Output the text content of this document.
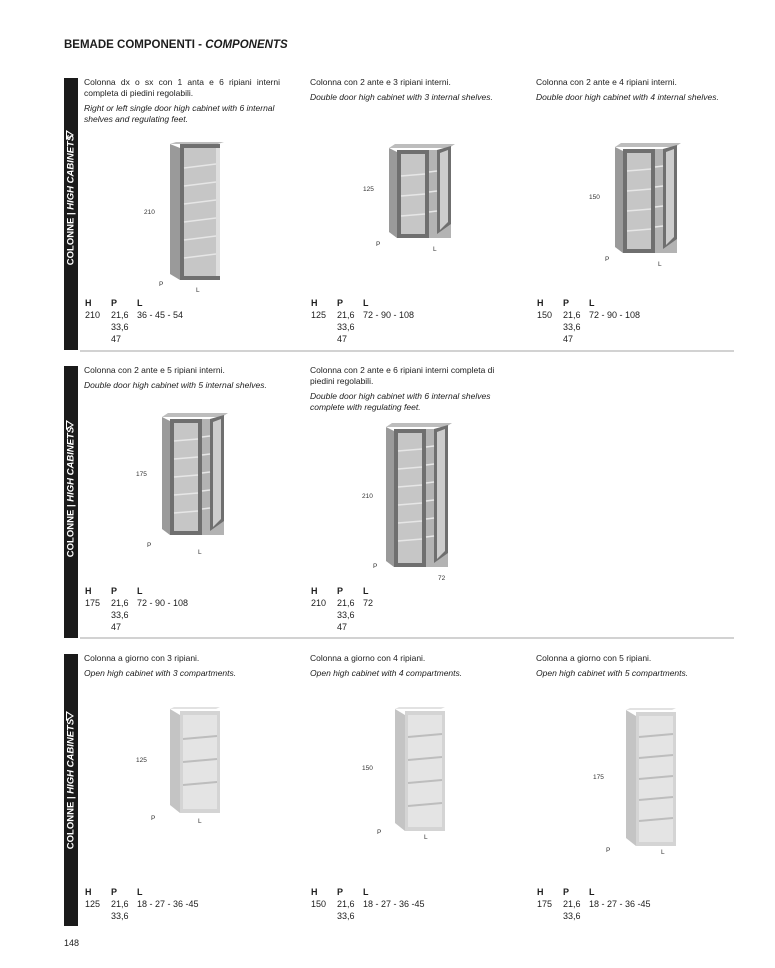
BEMADE COMPONENTI - COMPONENTS
COLONNE | HIGH CABINETS
COLONNE | HIGH CABINETS
COLONNE | HIGH CABINETS

Colonna dx o sx con 1 anta e 6 ripiani interni completa di piedini regolabili.

Right or left single door high cabinet with 6 internal shelves and regulating feet.

210
P
L
H P L
210 21,6 36 - 45 - 54
33,6
47

Colonna con 2 ante e 3 ripiani interni.

Double door high cabinet with 3 internal shelves.

125
P
L
H P L
125 21,6 72 - 90 - 108
33,6
47

Colonna con 2 ante e 4 ripiani interni.

Double door high cabinet with 4 internal shelves.

150
P
L
H P L
150 21,6 72 - 90 - 108
33,6
47

Colonna con 2 ante e 5 ripiani interni.

Double door high cabinet with 5 internal shelves.

175
P
L
H P L
175 21,6 72 - 90 - 108
33,6
47

Colonna con 2 ante e 6 ripiani interni completa di piedini regolabili.

Double door high cabinet with 6 internal shelves complete with regulating feet.

210
P
72
H P L
210 21,6 72
33,6
47

Colonna a giorno con 3 ripiani.

Open high cabinet with 3 compartments.

125
P	L
H P L
125 21,6 18 - 27 - 36 -45
33,6

Colonna a giorno con 4 ripiani.

Open high cabinet with 4 compartments.

150
P
L
H P L
150 21,6 18 - 27 - 36 -45
33,6

Colonna a giorno con 5 ripiani.

Open high cabinet with 5 compartments.

175
P	L
H P L
175 21,6 18 - 27 - 36 -45
33,6
148
